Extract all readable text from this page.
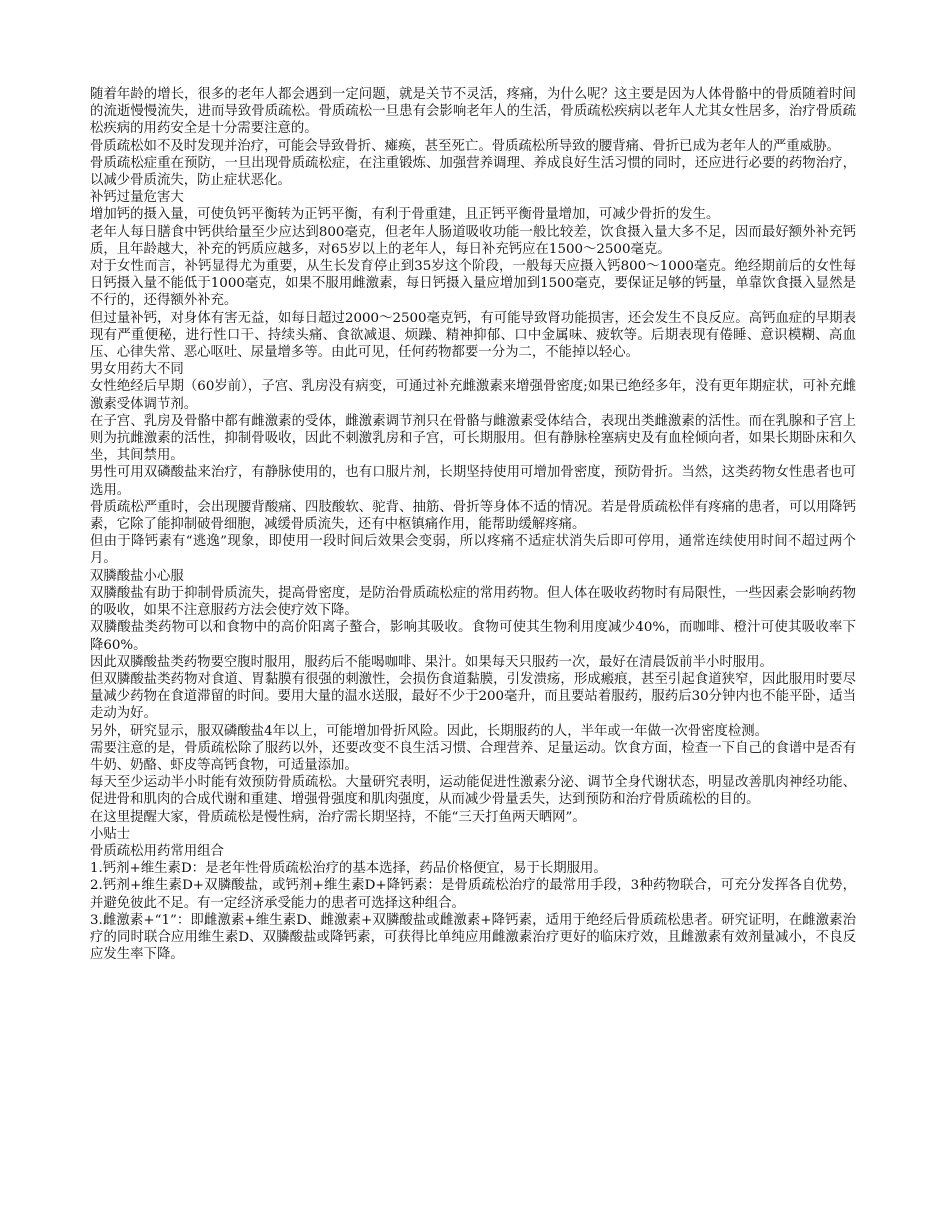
随着年龄的增长，很多的老年人都会遇到一定问题，就是关节不灵活，疼痛，为什么呢？这主要是因为人体骨骼中的骨质随着时间的流逝慢慢流失，进而导致骨质疏松。骨质疏松一旦患有会影响老年人的生活，骨质疏松疾病以老年人尤其女性居多，治疗骨质疏松疾病的用药安全是十分需要注意的。

骨质疏松如不及时发现并治疗，可能会导致骨折、瘫痪，甚至死亡。骨质疏松所导致的腰背痛、骨折已成为老年人的严重威胁。

骨质疏松症重在预防，一旦出现骨质疏松症，在注重锻炼、加强营养调理、养成良好生活习惯的同时，还应进行必要的药物治疗，以减少骨质流失，防止症状恶化。

补钙过量危害大

增加钙的摄入量，可使负钙平衡转为正钙平衡，有利于骨重建，且正钙平衡骨量增加，可减少骨折的发生。

老年人每日膳食中钙供给量至少应达到800毫克，但老年人肠道吸收功能一般比较差，饮食摄入量大多不足，因而最好额外补充钙质，且年龄越大，补充的钙质应越多，对65岁以上的老年人，每日补充钙应在1500～2500毫克。

对于女性而言，补钙显得尤为重要，从生长发育停止到35岁这个阶段，一般每天应摄入钙800～1000毫克。绝经期前后的女性每日钙摄入量不能低于1000毫克，如果不服用雌激素，每日钙摄入量应增加到1500毫克，要保证足够的钙量，单靠饮食摄入显然是不行的，还得额外补充。

但过量补钙，对身体有害无益，如每日超过2000～2500毫克钙，有可能导致肾功能损害，还会发生不良反应。高钙血症的早期表现有严重便秘，进行性口干、持续头痛、食欲减退、烦躁、精神抑郁、口中金属味、疲软等。后期表现有倦睡、意识模糊、高血压、心律失常、恶心呕吐、尿量增多等。由此可见，任何药物都要一分为二，不能掉以轻心。

男女用药大不同

女性绝经后早期（60岁前），子宫、乳房没有病变，可通过补充雌激素来增强骨密度;如果已绝经多年，没有更年期症状，可补充雌激素受体调节剂。

在子宫、乳房及骨骼中都有雌激素的受体，雌激素调节剂只在骨骼与雌激素受体结合，表现出类雌激素的活性。而在乳腺和子宫上则为抗雌激素的活性，抑制骨吸收，因此不刺激乳房和子宫，可长期服用。但有静脉栓塞病史及有血栓倾向者，如果长期卧床和久坐，其间禁用。

男性可用双磷酸盐来治疗，有静脉使用的，也有口服片剂，长期坚持使用可增加骨密度，预防骨折。当然，这类药物女性患者也可选用。

骨质疏松严重时，会出现腰背酸痛、四肢酸软、驼背、抽筋、骨折等身体不适的情况。若是骨质疏松伴有疼痛的患者，可以用降钙素，它除了能抑制破骨细胞，减缓骨质流失，还有中枢镇痛作用，能帮助缓解疼痛。

但由于降钙素有“逃逸”现象，即使用一段时间后效果会变弱，所以疼痛不适症状消失后即可停用，通常连续使用时间不超过两个月。

双膦酸盐小心服

双膦酸盐有助于抑制骨质流失，提高骨密度，是防治骨质疏松症的常用药物。但人体在吸收药物时有局限性，一些因素会影响药物的吸收，如果不注意服药方法会使疗效下降。

双膦酸盐类药物可以和食物中的高价阳离子螯合，影响其吸收。食物可使其生物利用度减少40%，而咖啡、橙汁可使其吸收率下降60%。

因此双膦酸盐类药物要空腹时服用，服药后不能喝咖啡、果汁。如果每天只服药一次，最好在清晨饭前半小时服用。

但双膦酸盐类药物对食道、胃黏膜有很强的刺激性，会损伤食道黏膜，引发溃疡，形成瘢痕，甚至引起食道狭窄，因此服用时要尽量减少药物在食道滞留的时间。要用大量的温水送服，最好不少于200毫升，而且要站着服药，服药后30分钟内也不能平卧，适当走动为好。

另外，研究显示，服双磷酸盐4年以上，可能增加骨折风险。因此，长期服药的人，半年或一年做一次骨密度检测。

需要注意的是，骨质疏松除了服药以外，还要改变不良生活习惯、合理营养、足量运动。饮食方面，检查一下自己的食谱中是否有牛奶、奶酪、虾皮等高钙食物，可适量添加。

每天至少运动半小时能有效预防骨质疏松。大量研究表明，运动能促进性激素分泌、调节全身代谢状态，明显改善肌肉神经功能、促进骨和肌肉的合成代谢和重建、增强骨强度和肌肉强度，从而减少骨量丢失，达到预防和治疗骨质疏松的目的。

在这里提醒大家，骨质疏松是慢性病，治疗需长期坚持，不能“三天打鱼两天晒网”。

小贴士

骨质疏松用药常用组合

1.钙剂+维生素D：是老年性骨质疏松治疗的基本选择，药品价格便宜，易于长期服用。

2.钙剂+维生素D+双膦酸盐，或钙剂+维生素D+降钙素：是骨质疏松治疗的最常用手段，3种药物联合，可充分发挥各自优势，并避免彼此不足。有一定经济承受能力的患者可选择这种组合。

3.雌激素+“1”：即雌激素+维生素D、雌激素+双膦酸盐或雌激素+降钙素，适用于绝经后骨质疏松患者。研究证明，在雌激素治疗的同时联合应用维生素D、双膦酸盐或降钙素，可获得比单纯应用雌激素治疗更好的临床疗效，且雌激素有效剂量减小，不良反应发生率下降。
